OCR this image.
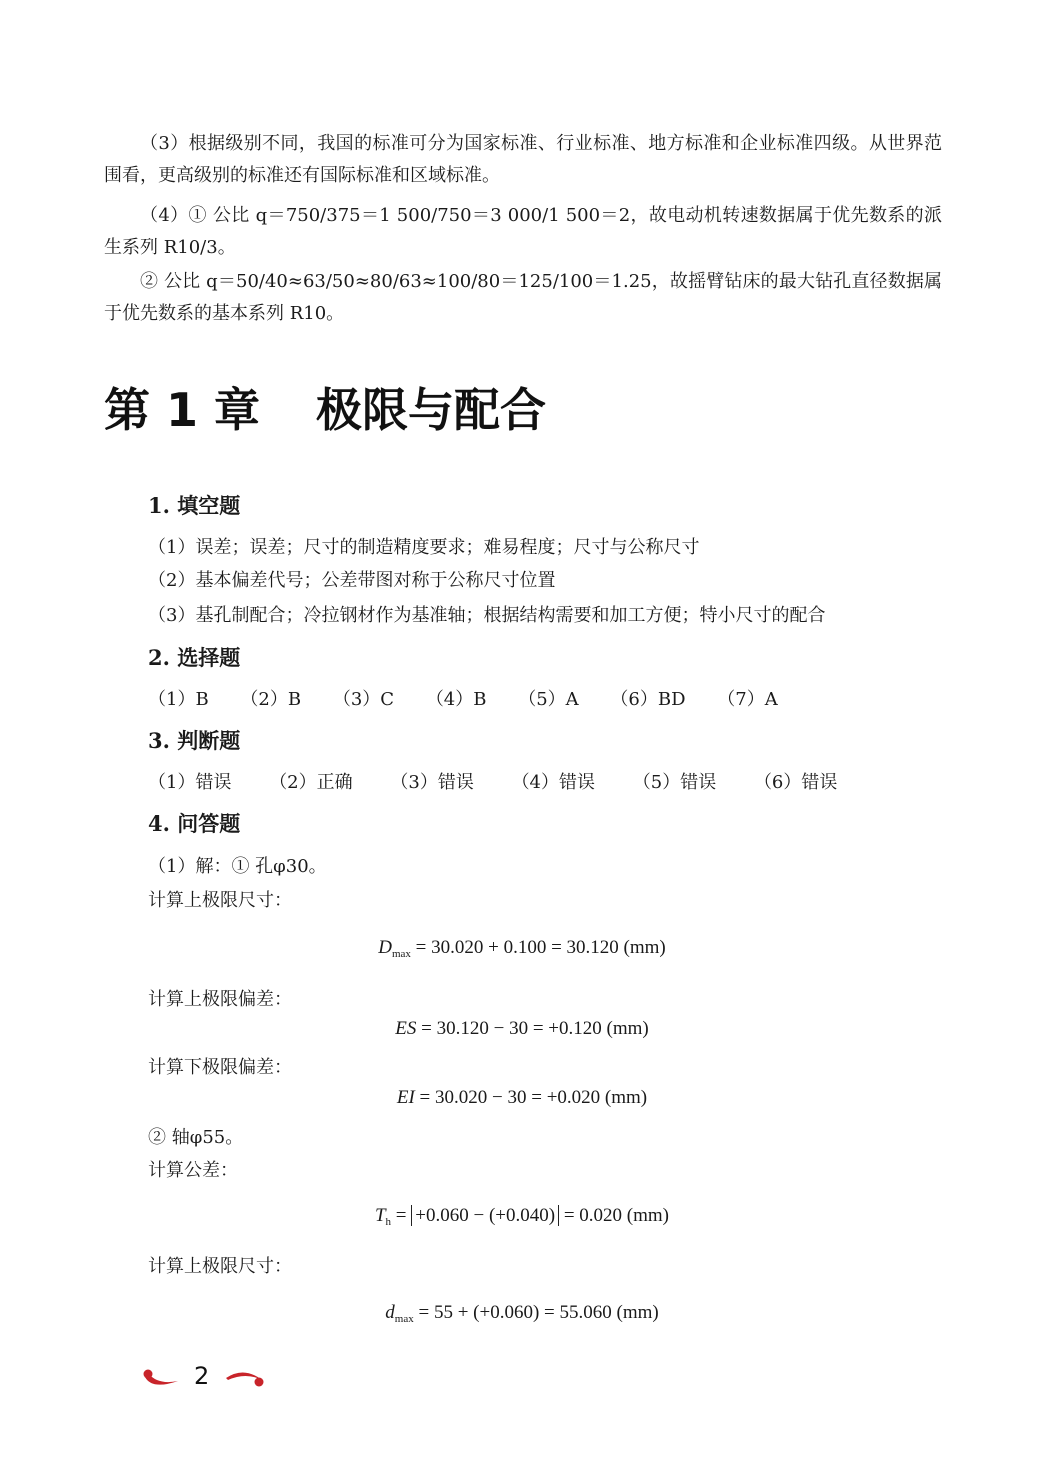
（3）根据级别不同，我国的标准可分为国家标准、行业标准、地方标准和企业标准四级。从世界范围看，更高级别的标准还有国际标准和区域标准。

（4）① 公比 q＝750/375＝1 500/750＝3 000/1 500＝2，故电动机转速数据属于优先数系的派生系列 R10/3。

② 公比 q＝50/40≈63/50≈80/63≈100/80＝125/100＝1.25，故摇臂钻床的最大钻孔直径数据属于优先数系的基本系列 R10。

第 1 章 极限与配合
1. 填空题

（1）误差；误差；尺寸的制造精度要求；难易程度；尺寸与公称尺寸

（2）基本偏差代号；公差带图对称于公称尺寸位置

（3）基孔制配合；冷拉钢材作为基准轴；根据结构需要和加工方便；特小尺寸的配合

2. 选择题

（1）B （2）B （3）C （4）B （5）A （6）BD （7）A

3. 判断题

（1）错误 （2）正确 （3）错误 （4）错误 （5）错误 （6）错误

4. 问答题

（1）解：① 孔φ30。

计算上极限尺寸：

$D_{max} = 30.020 + 0.100 = 30.120$ (mm)

计算上极限偏差：

ES = 30.120 − 30 = +0.120 (mm)

计算下极限偏差：

EI = 30.020 − 30 = +0.020 (mm)

② 轴φ55。

计算公差：

$T_h = +0.060 - (+0.040) = 0.020$ (mm)

计算上极限尺寸：

$d_{max} = 55 + (+0.060) = 55.060$ (mm)

2
